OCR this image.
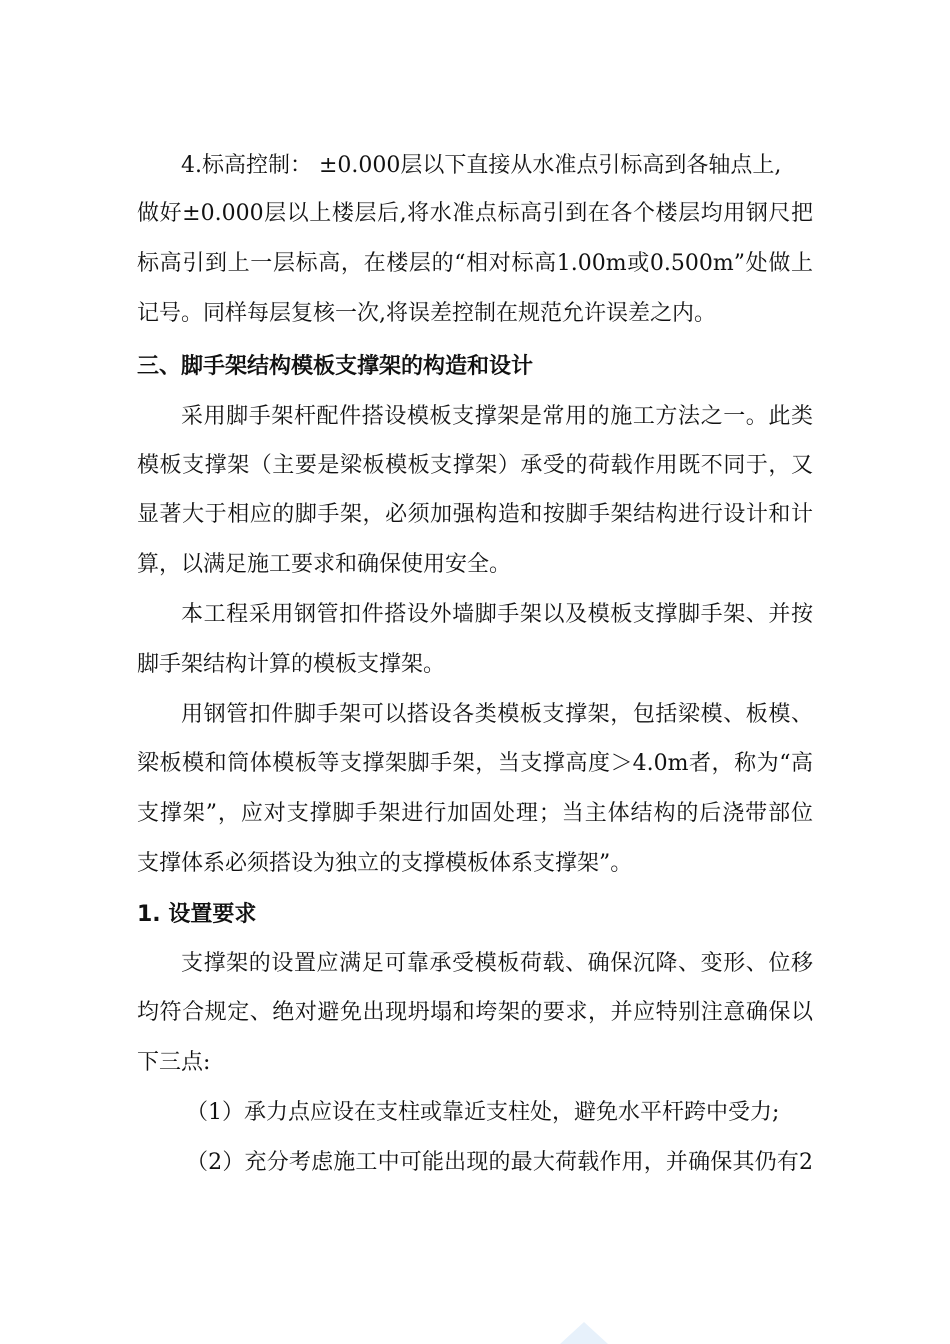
4.标高控制： ±0.000层以下直接从水准点引标高到各轴点上,
做好±0.000层以上楼层后,将水准点标高引到在各个楼层均用钢尺把
标高引到上一层标高，在楼层的“相对标高1.00m或0.500m”处做上
记号。同样每层复核一次,将误差控制在规范允许误差之内。
三、脚手架结构模板支撑架的构造和设计
采用脚手架杆配件搭设模板支撑架是常用的施工方法之一。此类
模板支撑架（主要是梁板模板支撑架）承受的荷载作用既不同于，又
显著大于相应的脚手架，必须加强构造和按脚手架结构进行设计和计
算，以满足施工要求和确保使用安全。
本工程采用钢管扣件搭设外墙脚手架以及模板支撑脚手架、并按
脚手架结构计算的模板支撑架。
用钢管扣件脚手架可以搭设各类模板支撑架，包括梁模、板模、
梁板模和筒体模板等支撑架脚手架，当支撑高度＞4.0m者，称为“高
支撑架”，应对支撑脚手架进行加固处理；当主体结构的后浇带部位
支撑体系必须搭设为独立的支撑模板体系支撑架”。
1. 设置要求
支撑架的设置应满足可靠承受模板荷载、确保沉降、变形、位移
均符合规定、绝对避免出现坍塌和垮架的要求，并应特别注意确保以
下三点:
（1）承力点应设在支柱或靠近支柱处，避免水平杆跨中受力;
（2）充分考虑施工中可能出现的最大荷载作用，并确保其仍有2
